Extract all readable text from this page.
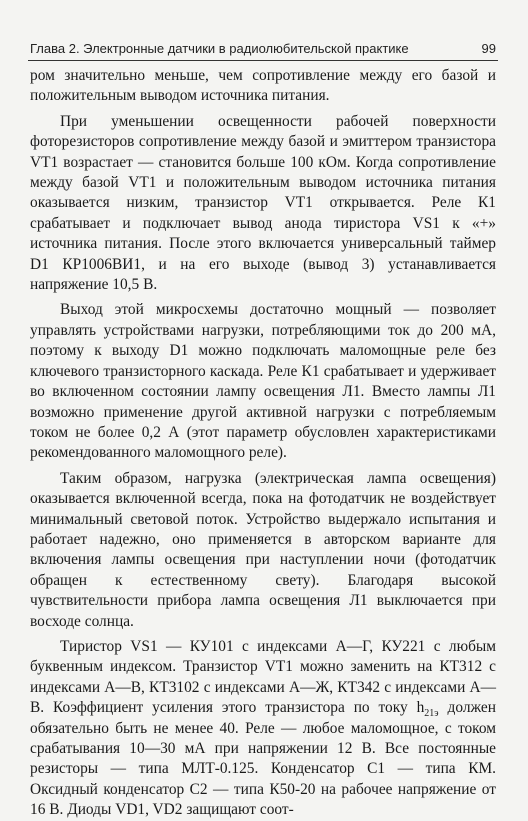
Глава 2. Электронные датчики в радиолюбительской практике	99

ром значительно меньше, чем сопротивление между его базой и положительным выводом источника питания.

При уменьшении освещенности рабочей поверхности фоторезисторов сопротивление между базой и эмиттером транзистора VT1 возрастает — становится больше 100 кОм. Когда сопротивление между базой VT1 и положительным выводом источника питания оказывается низким, транзистор VT1 открывается. Реле К1 срабатывает и подключает вывод анода тиристора VS1 к «+» источника питания. После этого включается универсальный таймер D1 КР1006ВИ1, и на его выходе (вывод 3) устанавливается напряжение 10,5 В.

Выход этой микросхемы достаточно мощный — позволяет управлять устройствами нагрузки, потребляющими ток до 200 мА, поэтому к выходу D1 можно подключать маломощные реле без ключевого транзисторного каскада. Реле К1 срабатывает и удерживает во включенном состоянии лампу освещения Л1. Вместо лампы Л1 возможно применение другой активной нагрузки с потребляемым током не более 0,2 А (этот параметр обусловлен характеристиками рекомендованного маломощного реле).

Таким образом, нагрузка (электрическая лампа освещения) оказывается включенной всегда, пока на фотодатчик не воздействует минимальный световой поток. Устройство выдержало испытания и работает надежно, оно применяется в авторском варианте для включения лампы освещения при наступлении ночи (фотодатчик обращен к естественному свету). Благодаря высокой чувствительности прибора лампа освещения Л1 выключается при восходе солнца.

Тиристор VS1 — КУ101 с индексами А—Г, КУ221 с любым буквенным индексом. Транзистор VT1 можно заменить на КТ312 с индексами А—В, КТ3102 с индексами А—Ж, КТ342 с индексами А—В. Коэффициент усиления этого транзистора по току $h_{21э}$ должен обязательно быть не менее 40. Реле — любое маломощное, с током срабатывания 10—30 мА при напряжении 12 В. Все постоянные резисторы — типа МЛТ-0.125. Конденсатор С1 — типа КМ. Оксидный конденсатор С2 — типа К50-20 на рабочее напряжение от 16 В. Диоды VD1, VD2 защищают соот-
